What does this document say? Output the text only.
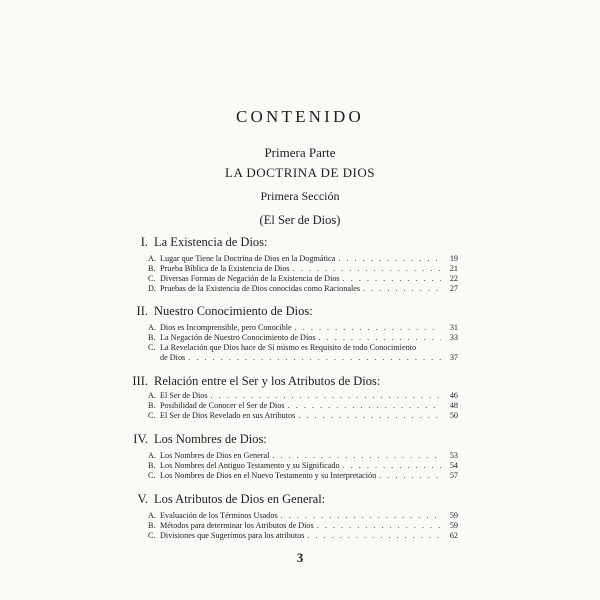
CONTENIDO
Primera Parte
LA DOCTRINA DE DIOS
Primera Sección
(El Ser de Dios)
I. La Existencia de Dios:
A. Lugar que Tiene la Doctrina de Dios en la Dogmática . . .	19
B. Prueba Bíblica de la Existencia de Dios . . .	21
C. Diversas Formas de Negación de la Existencia de Dios . . .	22
D. Pruebas de la Existencia de Dios conocidas como Racionales . . .	27
II. Nuestro Conocimiento de Dios:
A. Dios es Incomprensible, pero Conocible . . .	31
B. La Negación de Nuestro Conocimiento de Dios . . .	33
C. La Revelación que Dios hace de Sí mismo es Requisito de todo Conocimiento
de Dios . . .	37
III. Relación entre el Ser y los Atributos de Dios:
A. El Ser de Dios . . .	46
B. Posibilidad de Conocer el Ser de Dios . . .	48
C. El Ser de Dios Revelado en sus Atributos . . .	50
IV. Los Nombres de Dios:
A. Los Nombres de Dios en General . . .	53
B. Los Nombres del Antiguo Testamento y su Significado . . .	54
C. Los Nombres de Dios en el Nuevo Testamento y su Interpretación . . .	57
V. Los Atributos de Dios en General:
A. Evaluación de los Términos Usados . . .	59
B. Métodos para determinar los Atributos de Dios . . .	59
C. Divisiones que Sugerimos para los atributos . . .	62
3
